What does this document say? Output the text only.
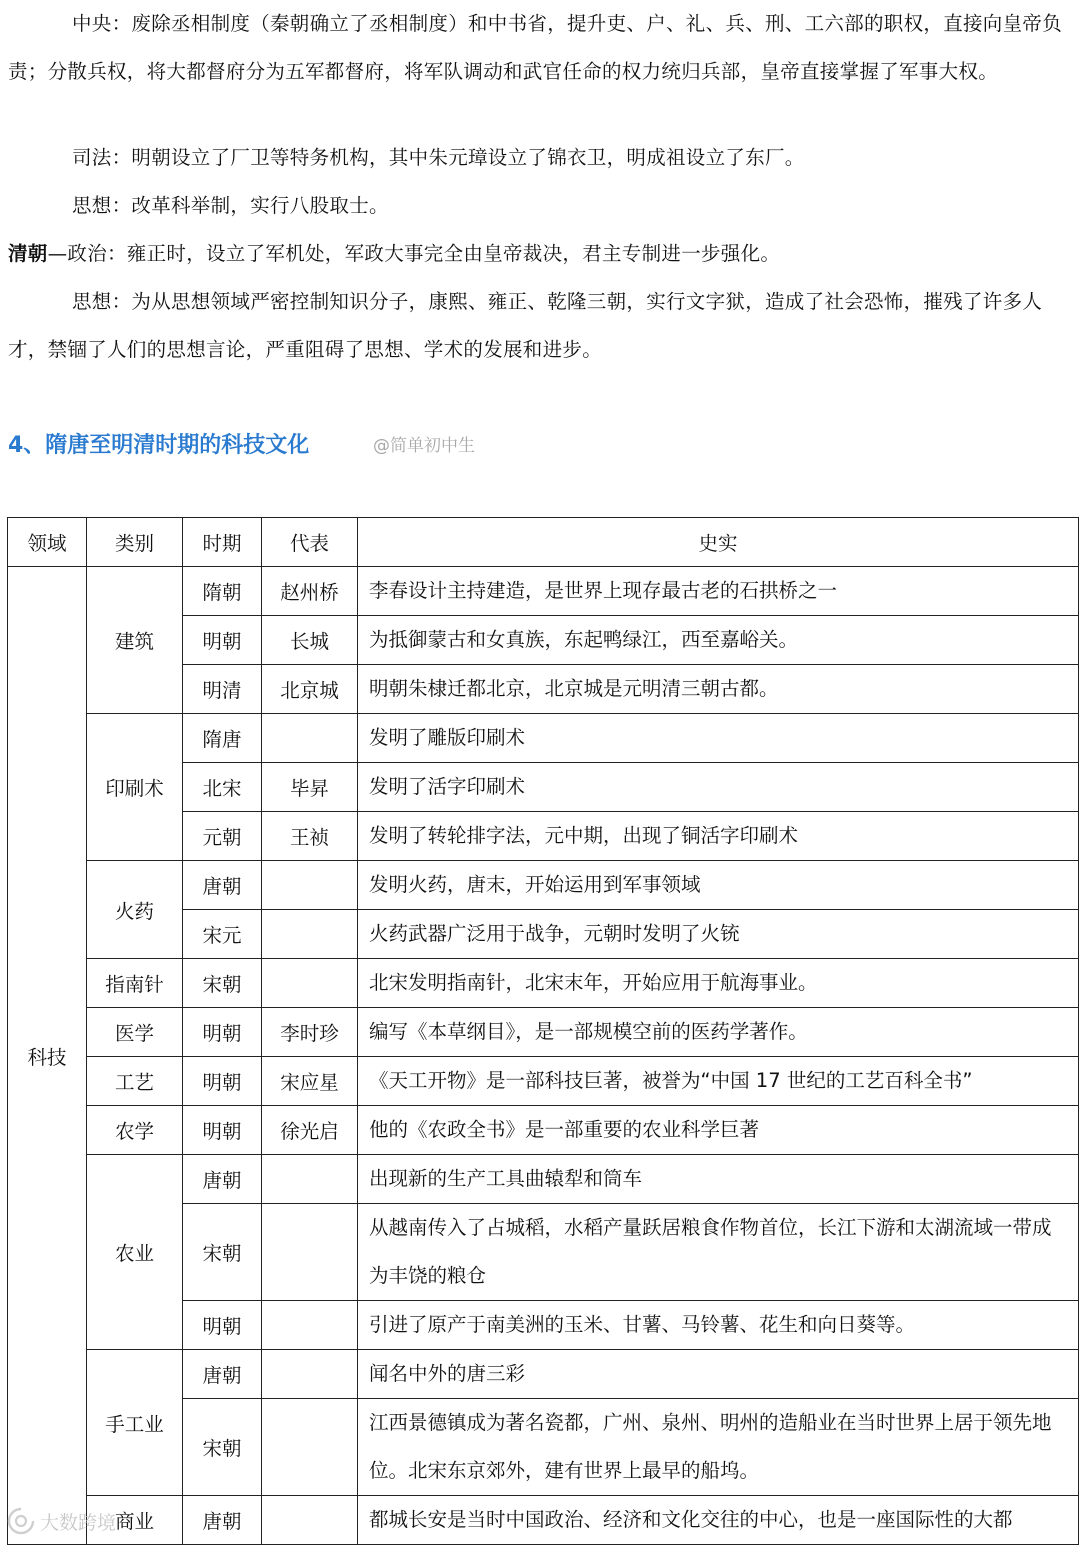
中央：废除丞相制度（秦朝确立了丞相制度）和中书省，提升吏、户、礼、兵、刑、工六部的职权，直接向皇帝负责；分散兵权，将大都督府分为五军都督府，将军队调动和武官任命的权力统归兵部，皇帝直接掌握了军事大权。

司法：明朝设立了厂卫等特务机构，其中朱元璋设立了锦衣卫，明成祖设立了东厂。

思想：改革科举制，实行八股取士。

清朝—政治：雍正时，设立了军机处，军政大事完全由皇帝裁决，君主专制进一步强化。

思想：为从思想领域严密控制知识分子，康熙、雍正、乾隆三朝，实行文字狱，造成了社会恐怖，摧残了许多人才，禁锢了人们的思想言论，严重阻碍了思想、学术的发展和进步。

4、隋唐至明清时期的科技文化	@简单初中生
领域	类别	时期	代表	史实
科技	建筑	隋朝	赵州桥	李春设计主持建造，是世界上现存最古老的石拱桥之一
		明朝	长城	为抵御蒙古和女真族，东起鸭绿江，西至嘉峪关。
		明清	北京城	明朝朱棣迁都北京，北京城是元明清三朝古都。
	印刷术	隋唐		发明了雕版印刷术
		北宋	毕昇	发明了活字印刷术
		元朝	王祯	发明了转轮排字法，元中期，出现了铜活字印刷术
	火药	唐朝		发明火药，唐末，开始运用到军事领域
		宋元		火药武器广泛用于战争，元朝时发明了火铳
	指南针	宋朝		北宋发明指南针，北宋末年，开始应用于航海事业。
	医学	明朝	李时珍	编写《本草纲目》，是一部规模空前的医药学著作。
	工艺	明朝	宋应星	《天工开物》是一部科技巨著，被誉为“中国 17 世纪的工艺百科全书”
	农学	明朝	徐光启	他的《农政全书》是一部重要的农业科学巨著
	农业	唐朝		出现新的生产工具曲辕犁和筒车
		宋朝		从越南传入了占城稻，水稻产量跃居粮食作物首位，长江下游和太湖流域一带成为丰饶的粮仓
		明朝		引进了原产于南美洲的玉米、甘薯、马铃薯、花生和向日葵等。
	手工业	唐朝		闻名中外的唐三彩
		宋朝		江西景德镇成为著名瓷都，广州、泉州、明州的造船业在当时世界上居于领先地位。北宋东京郊外，建有世界上最早的船坞。
	商业	唐朝		都城长安是当时中国政治、经济和文化交往的中心，也是一座国际性的大都
大数跨境
